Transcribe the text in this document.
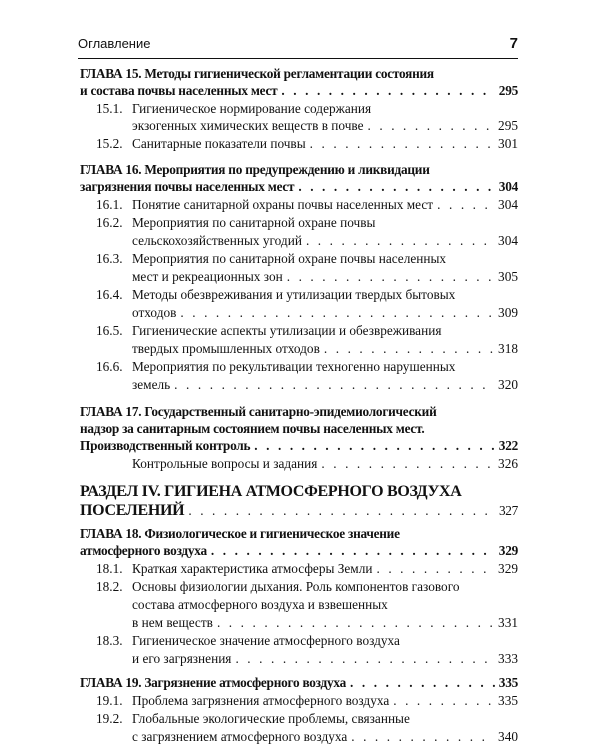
Оглавление	7
ГЛАВА 15. Методы гигиенической регламентации состояния
и состава почвы населенных мест . . .	295
15.1. Гигиеническое нормирование содержания
экзогенных химических веществ в почве . . .	295
15.2. Санитарные показатели почвы . . .	301
ГЛАВА 16. Мероприятия по предупреждению и ликвидации
загрязнения почвы населенных мест . . .	304
16.1. Понятие санитарной охраны почвы населенных мест . . .	304
16.2. Мероприятия по санитарной охране почвы
сельскохозяйственных угодий . . .	304
16.3. Мероприятия по санитарной охране почвы населенных
мест и рекреационных зон . . .	305
16.4. Методы обезвреживания и утилизации твердых бытовых
отходов . . .	309
16.5. Гигиенические аспекты утилизации и обезвреживания
твердых промышленных отходов . . .	318
16.6. Мероприятия по рекультивации техногенно нарушенных
земель . . .	320
ГЛАВА 17. Государственный санитарно-эпидемиологический
надзор за санитарным состоянием почвы населенных мест.
Производственный контроль . . .	322
Контрольные вопросы и задания . . .	326
РАЗДЕЛ IV. ГИГИЕНА АТМОСФЕРНОГО ВОЗДУХА
ПОСЕЛЕНИЙ . . .	327
ГЛАВА 18. Физиологическое и гигиеническое значение
атмосферного воздуха . . .	329
18.1. Краткая характеристика атмосферы Земли . . .	329
18.2. Основы физиологии дыхания. Роль компонентов газового
состава атмосферного воздуха и взвешенных
в нем веществ . . .	331
18.3. Гигиеническое значение атмосферного воздуха
и его загрязнения . . .	333
ГЛАВА 19. Загрязнение атмосферного воздуха . . .	335
19.1. Проблема загрязнения атмосферного воздуха . . .	335
19.2. Глобальные экологические проблемы, связанные
с загрязнением атмосферного воздуха . . .	340
